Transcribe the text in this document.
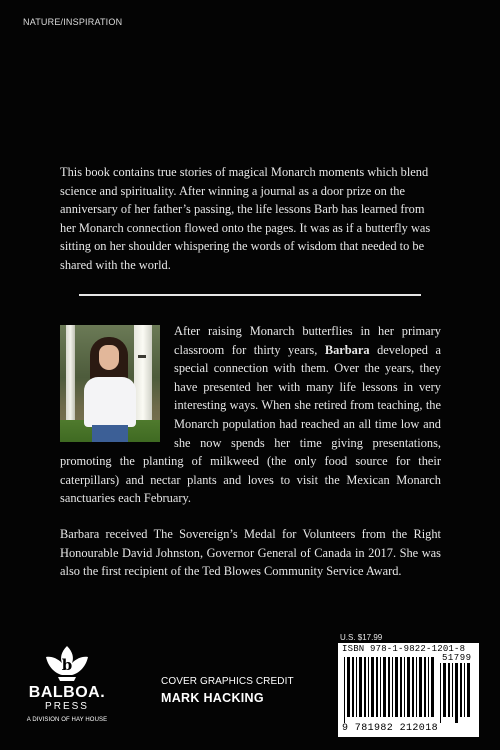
NATURE/INSPIRATION
This book contains true stories of magical Monarch moments which blend science and spirituality. After winning a journal as a door prize on the anniversary of her father’s passing, the life lessons Barb has learned from her Monarch connection flowed onto the pages. It was as if a butterfly was sitting on her shoulder whispering the words of wisdom that needed to be shared with the world.
After raising Monarch butterflies in her primary classroom for thirty years, Barbara developed a special connection with them. Over the years, they have presented her with many life lessons in very interesting ways. When she retired from teaching, the Monarch population had reached an all time low and she now spends her time giving presentations, promoting the planting of milkweed (the only food source for their caterpillars) and nectar plants and loves to visit the Mexican Monarch sanctuaries each February.
Barbara received The Sovereign’s Medal for Volunteers from the Right Honourable David Johnston, Governor General of Canada in 2017. She was also the first recipient of the Ted Blowes Community Service Award.
b
BALBOA.
PRESS
A DIVISION OF HAY HOUSE
COVER GRAPHICS CREDIT
MARK HACKING
U.S. $17.99
ISBN 978-1-9822-1201-8
51799
9 781982 212018
